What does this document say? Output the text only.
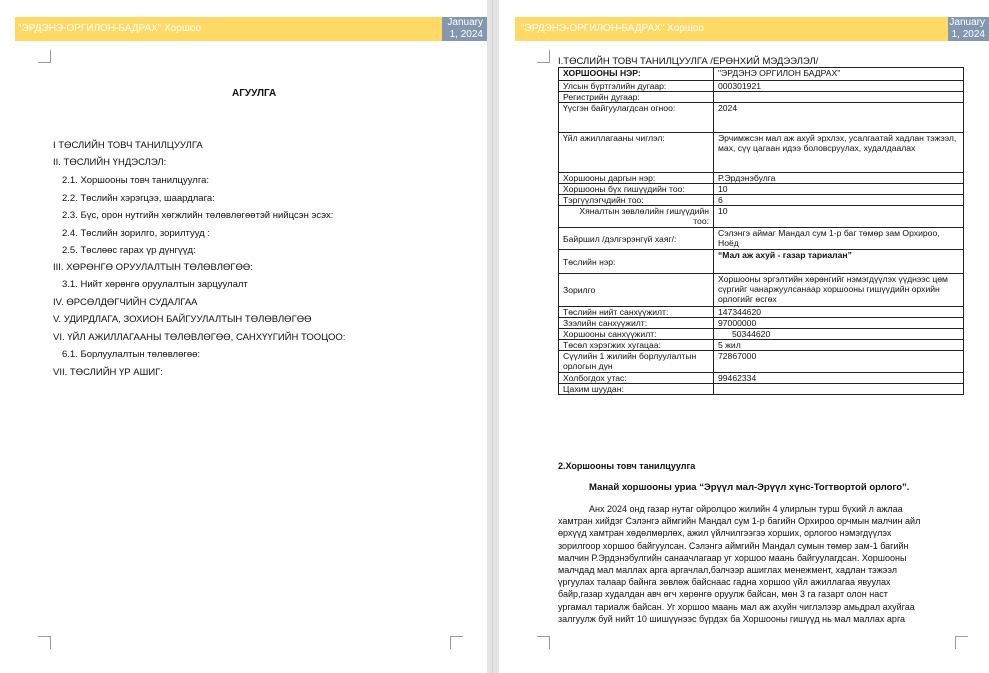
"ЭРДЭНЭ-ОРГИЛОН-БАДРАХ" Хоршоо
January
1, 2024
АГУУЛГА
I ТӨСЛИЙН ТОВЧ ТАНИЛЦУУЛГА
II. ТӨСЛИЙН ҮНДЭСЛЭЛ:
2.1. Хоршооны товч танилцуулга:
2.2. Төслийн хэрэгцээ, шаардлага:
2.3. Бүс, орон нутгийн хөгжлийн төлөвлөгөөтэй нийцсэн эсэх:
2.4. Төслийн зорилго, зорилтууд :
2.5. Төслөөс гарах үр дүнгүүд:
III. ХӨРӨНГӨ ОРУУЛАЛТЫН ТӨЛӨВЛӨГӨӨ:
3.1. Нийт хөрөнгө оруулалтын зарцуулалт
IV. ӨРСӨЛДӨГЧИЙН СУДАЛГАА
V. УДИРДЛАГА, ЗОХИОН БАЙГУУЛАЛТЫН ТӨЛӨВЛӨГӨӨ
VI. ҮЙЛ АЖИЛЛАГААНЫ ТӨЛӨВЛӨГӨӨ, САНХҮҮГИЙН ТООЦОО:
6.1. Борлуулалтын төлөвлөгөө:
VII. ТӨСЛИЙН ҮР АШИГ:
"ЭРДЭНЭ-ОРГИЛОН-БАДРАХ" Хоршоо
January
1, 2024
I.ТӨСЛИЙН ТОВЧ ТАНИЛЦУУЛГА /ЕРӨНХИЙ МЭДЭЭЛЭЛ/
ХОРШООНЫ НЭР:	"ЭРДЭНЭ ОРГИЛОН БАДРАХ"
Улсын бүртгэлийн дугаар:	000301921
Регистрийн дугаар:	
Үүсгэн байгуулагдсан огноо:	2024
Үйл ажиллагааны чиглэл:	Эрчимжсэн мал аж ахуй эрхлэх, усалгаатай хадлан тэжээл, мах, сүү цагаан идээ боловсруулах, худалдаалах
Хоршооны даргын нэр:	Р.Эрдэнэбулга
Хоршооны бүх гишүүдийн тоо:	10
Тэргүүлэгчдийн тоо:	6
Хяналтын зөвлөлийн гишүүдийн тоо:	10
Байршил /дэлгэрэнгүй хаяг/:	Сэлэнгэ аймаг Мандал сум 1-р баг төмөр зам Орхироо, Ноёд
Төслийн нэр:	“Мал аж ахуй - газар тариалан”
Зорилго	Хоршооны эргэлтийн хөрөнгийг нэмэгдүүлэх үүднээс цөм сүргийг чанаржуулсанаар хоршооны гишүүдийн орхийн орлогийг өсгөх
Төслийн нийт санхүүжилт:	147344620
Зээлийн санхүүжилт:	97000000
Хоршооны санхүүжилт:	50344620
Төсөл хэрэгжих хугацаа:	5 жил
Сүүлийн 1 жилийн борлуулалтын орлогын дүн	72867000
Холбогдох утас:	99462334
Цахим шуудан:	
2.Хоршооны товч танилцуулга
Манай хоршооны уриа “Эрүүл мал-Эрүүл хүнс-Тогтвортой орлого”.
Анх 2024 онд газар нутаг ойролцоо жилийн 4 улирлын турш бүхий л ажлаа
хамтран хийдэг Сэлэнгэ аймгийн Мандал сум 1-р багийн Орхироо орчмын малчин айл
өрхүүд хамтран хөдөлмөрлөх, ажил үйлчилгээгээ хорших, орлогоо нэмэгдүүлэх
зорилгоор хоршоо байгуулсан. Сэлэнгэ аймгийн Мандал сумын төмөр зам-1 багийн
малчин Р.Эрдэнэбулгийн санаачлагаар уг хоршоо маань байгуулагдсан. Хоршооны
малчдад мал маллах арга аргачлал,бэлчээр ашиглах менежмент, хадлан тэжээл
үргуулах талаар байнга зөвлөж байснаас гадна хоршоо үйл ажиллагаа явуулах
байр,газар худалдан авч өгч хөрөнгө оруулж байсан, мөн 3 га газарт олон наст
ургамал тариалж байсан. Уг хоршоо маань мал аж ахуйн чиглэлээр амьдрал ахуйгаа
залгуулж буй нийт 10 шишүүнээс бүрдэх ба Хоршооны гишүүд нь мал маллах арга
